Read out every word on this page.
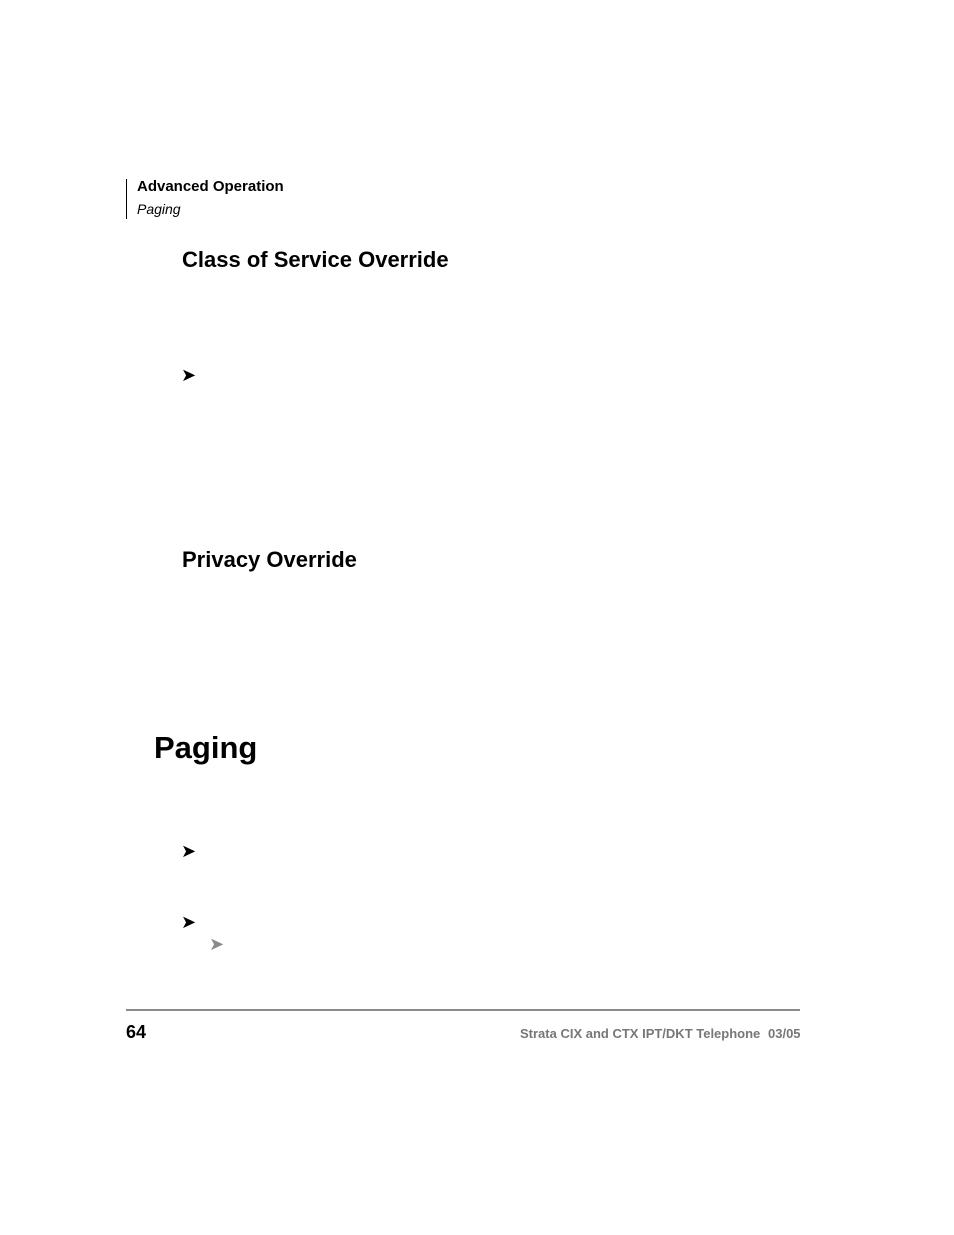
Advanced Operation
Paging
Class of Service Override
➤
Privacy Override
Paging
➤
➤
➤
64	Strata CIX and CTX IPT/DKT Telephone 03/05
